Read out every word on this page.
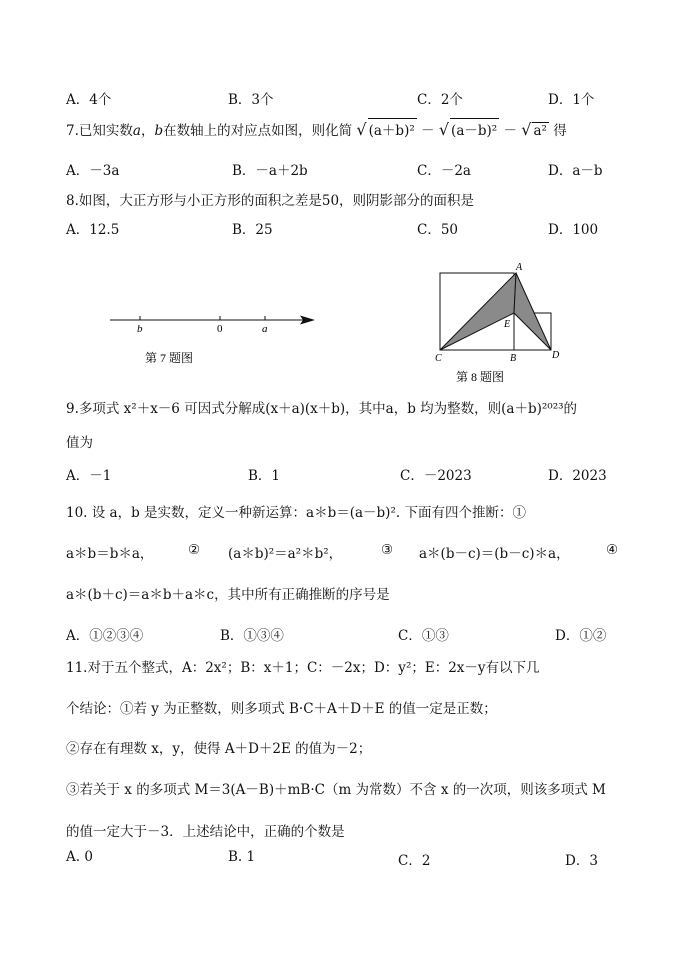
A．4个	B．3个	C．2个	D．1个
7.已知实数a，b在数轴上的对应点如图，则化简 √ (a＋b)² － √ (a－b)² － √ a² 得
A．－3a	B．－a＋2b	C．－2a	D．a－b
8.如图，大正方形与小正方形的面积之差是50，则阴影部分的面积是
A．12.5	B．25	C．50	D．100
b	0	a
第 7 题图
A
E
C	B	D
第 8 题图
9.多项式 x²＋x－6 可因式分解成(x＋a)(x＋b)，其中a，b 均为整数，则(a＋b)²⁰²³的
值为
A．－1	B．1	C．－2023	D．2023
10. 设 a，b 是实数，定义一种新运算：a＊b＝(a－b)². 下面有四个推断：①
a＊b＝b＊a，	② (a＊b)²＝a²＊b²，	③ a＊(b－c)＝(b－c)＊a，	④
a＊(b＋c)＝a＊b＋a＊c，其中所有正确推断的序号是
A．①②③④	B．①③④	C．①③	D．①②
11.对于五个整式，A：2x²；B：x＋1；C：－2x；D：y²；E：2x－y有以下几
个结论：①若 y 为正整数，则多项式 B·C＋A＋D＋E 的值一定是正数；
②存在有理数 x，y，使得 A＋D＋2E 的值为－2；
③若关于 x 的多项式 M＝3(A－B)＋mB·C（m 为常数）不含 x 的一次项，则该多项式 M
的值一定大于－3．上述结论中，正确的个数是
A. 0	B. 1	C．2	D．3
